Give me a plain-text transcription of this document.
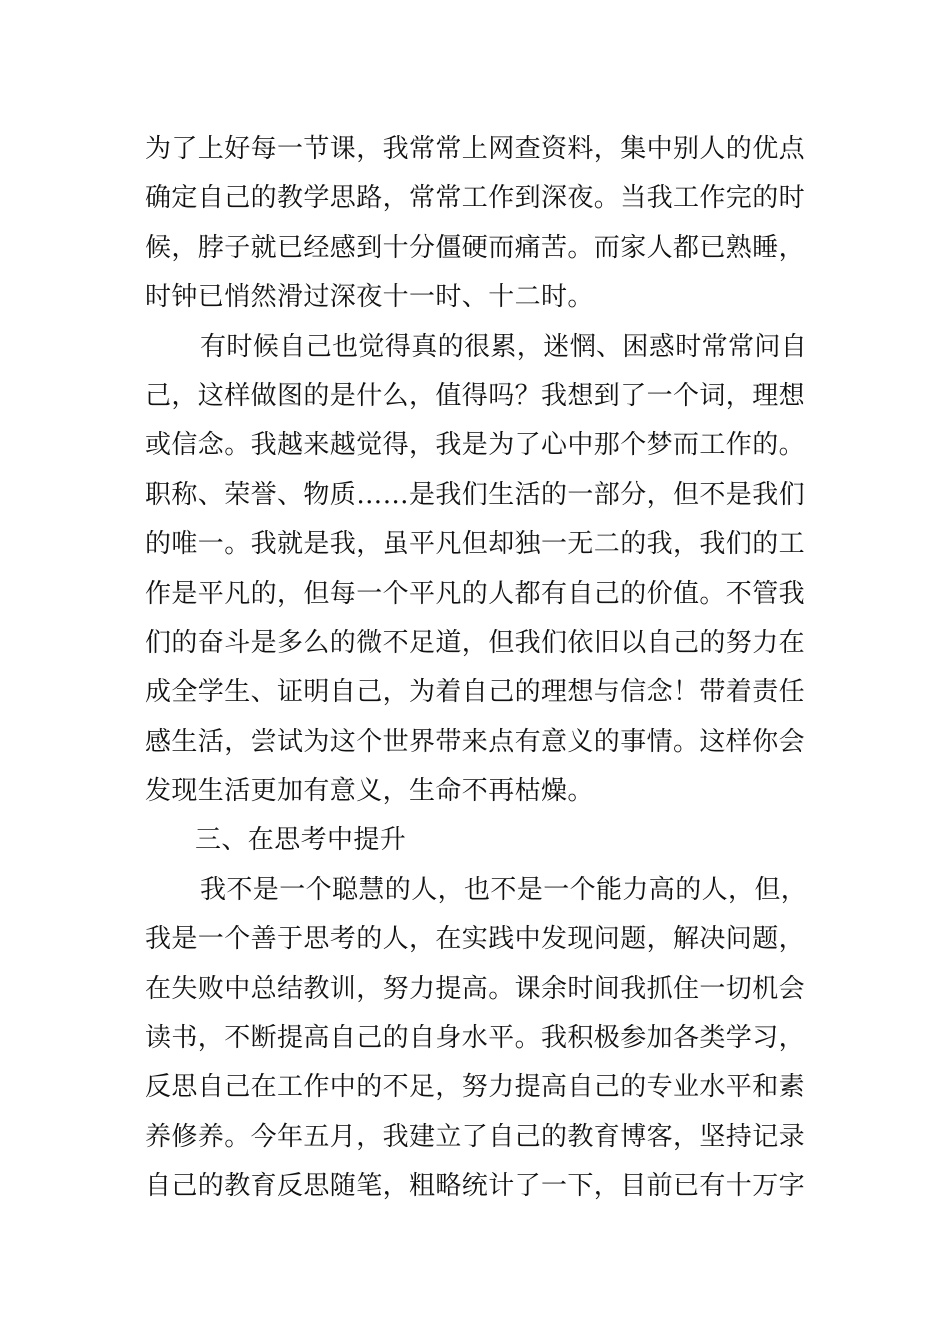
为了上好每一节课，我常常上网查资料，集中别人的优点
确定自己的教学思路，常常工作到深夜。当我工作完的时
候，脖子就已经感到十分僵硬而痛苦。而家人都已熟睡，
时钟已悄然滑过深夜十一时、十二时。
有时候自己也觉得真的很累，迷惘、困惑时常常问自
己，这样做图的是什么，值得吗？我想到了一个词，理想
或信念。我越来越觉得，我是为了心中那个梦而工作的。
职称、荣誉、物质……是我们生活的一部分，但不是我们
的唯一。我就是我，虽平凡但却独一无二的我，我们的工
作是平凡的，但每一个平凡的人都有自己的价值。不管我
们的奋斗是多么的微不足道，但我们依旧以自己的努力在
成全学生、证明自己，为着自己的理想与信念！带着责任
感生活，尝试为这个世界带来点有意义的事情。这样你会
发现生活更加有意义，生命不再枯燥。
三、在思考中提升
我不是一个聪慧的人，也不是一个能力高的人，但，
我是一个善于思考的人，在实践中发现问题，解决问题，
在失败中总结教训，努力提高。课余时间我抓住一切机会
读书，不断提高自己的自身水平。我积极参加各类学习，
反思自己在工作中的不足，努力提高自己的专业水平和素
养修养。今年五月，我建立了自己的教育博客，坚持记录
自己的教育反思随笔，粗略统计了一下，目前已有十万字
